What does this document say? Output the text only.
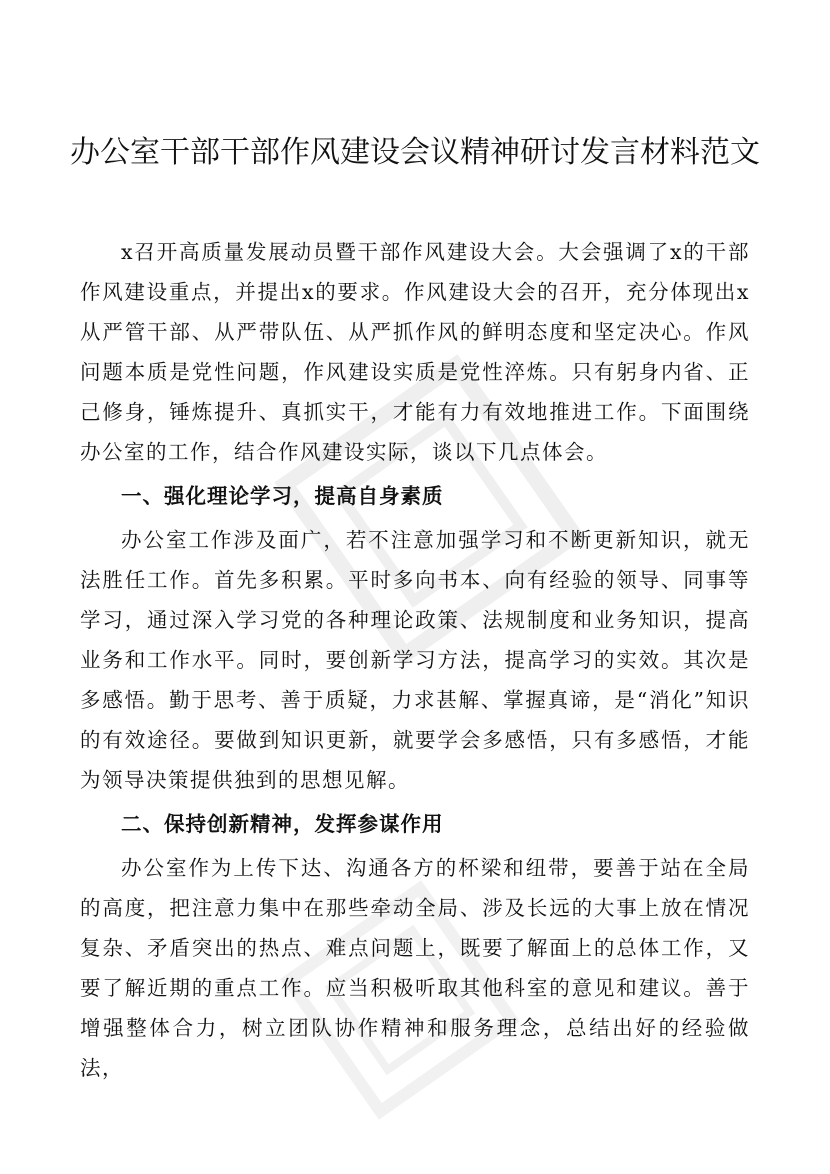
办公室干部干部作风建设会议精神研讨发言材料范文

x召开高质量发展动员暨干部作风建设大会。大会强调了x的干部作风建设重点，并提出x的要求。作风建设大会的召开，充分体现出x从严管干部、从严带队伍、从严抓作风的鲜明态度和坚定决心。作风问题本质是党性问题，作风建设实质是党性淬炼。只有躬身内省、正己修身，锤炼提升、真抓实干，才能有力有效地推进工作。下面围绕办公室的工作，结合作风建设实际，谈以下几点体会。

一、强化理论学习，提高自身素质

办公室工作涉及面广，若不注意加强学习和不断更新知识，就无法胜任工作。首先多积累。平时多向书本、向有经验的领导、同事等学习，通过深入学习党的各种理论政策、法规制度和业务知识，提高业务和工作水平。同时，要创新学习方法，提高学习的实效。其次是多感悟。勤于思考、善于质疑，力求甚解、掌握真谛，是“消化”知识的有效途径。要做到知识更新，就要学会多感悟，只有多感悟，才能为领导决策提供独到的思想见解。

二、保持创新精神，发挥参谋作用

办公室作为上传下达、沟通各方的杯梁和纽带，要善于站在全局的高度，把注意力集中在那些牵动全局、涉及长远的大事上放在情况复杂、矛盾突出的热点、难点问题上，既要了解面上的总体工作，又要了解近期的重点工作。应当积极听取其他科室的意见和建议。善于增强整体合力，树立团队协作精神和服务理念，总结出好的经验做法，
